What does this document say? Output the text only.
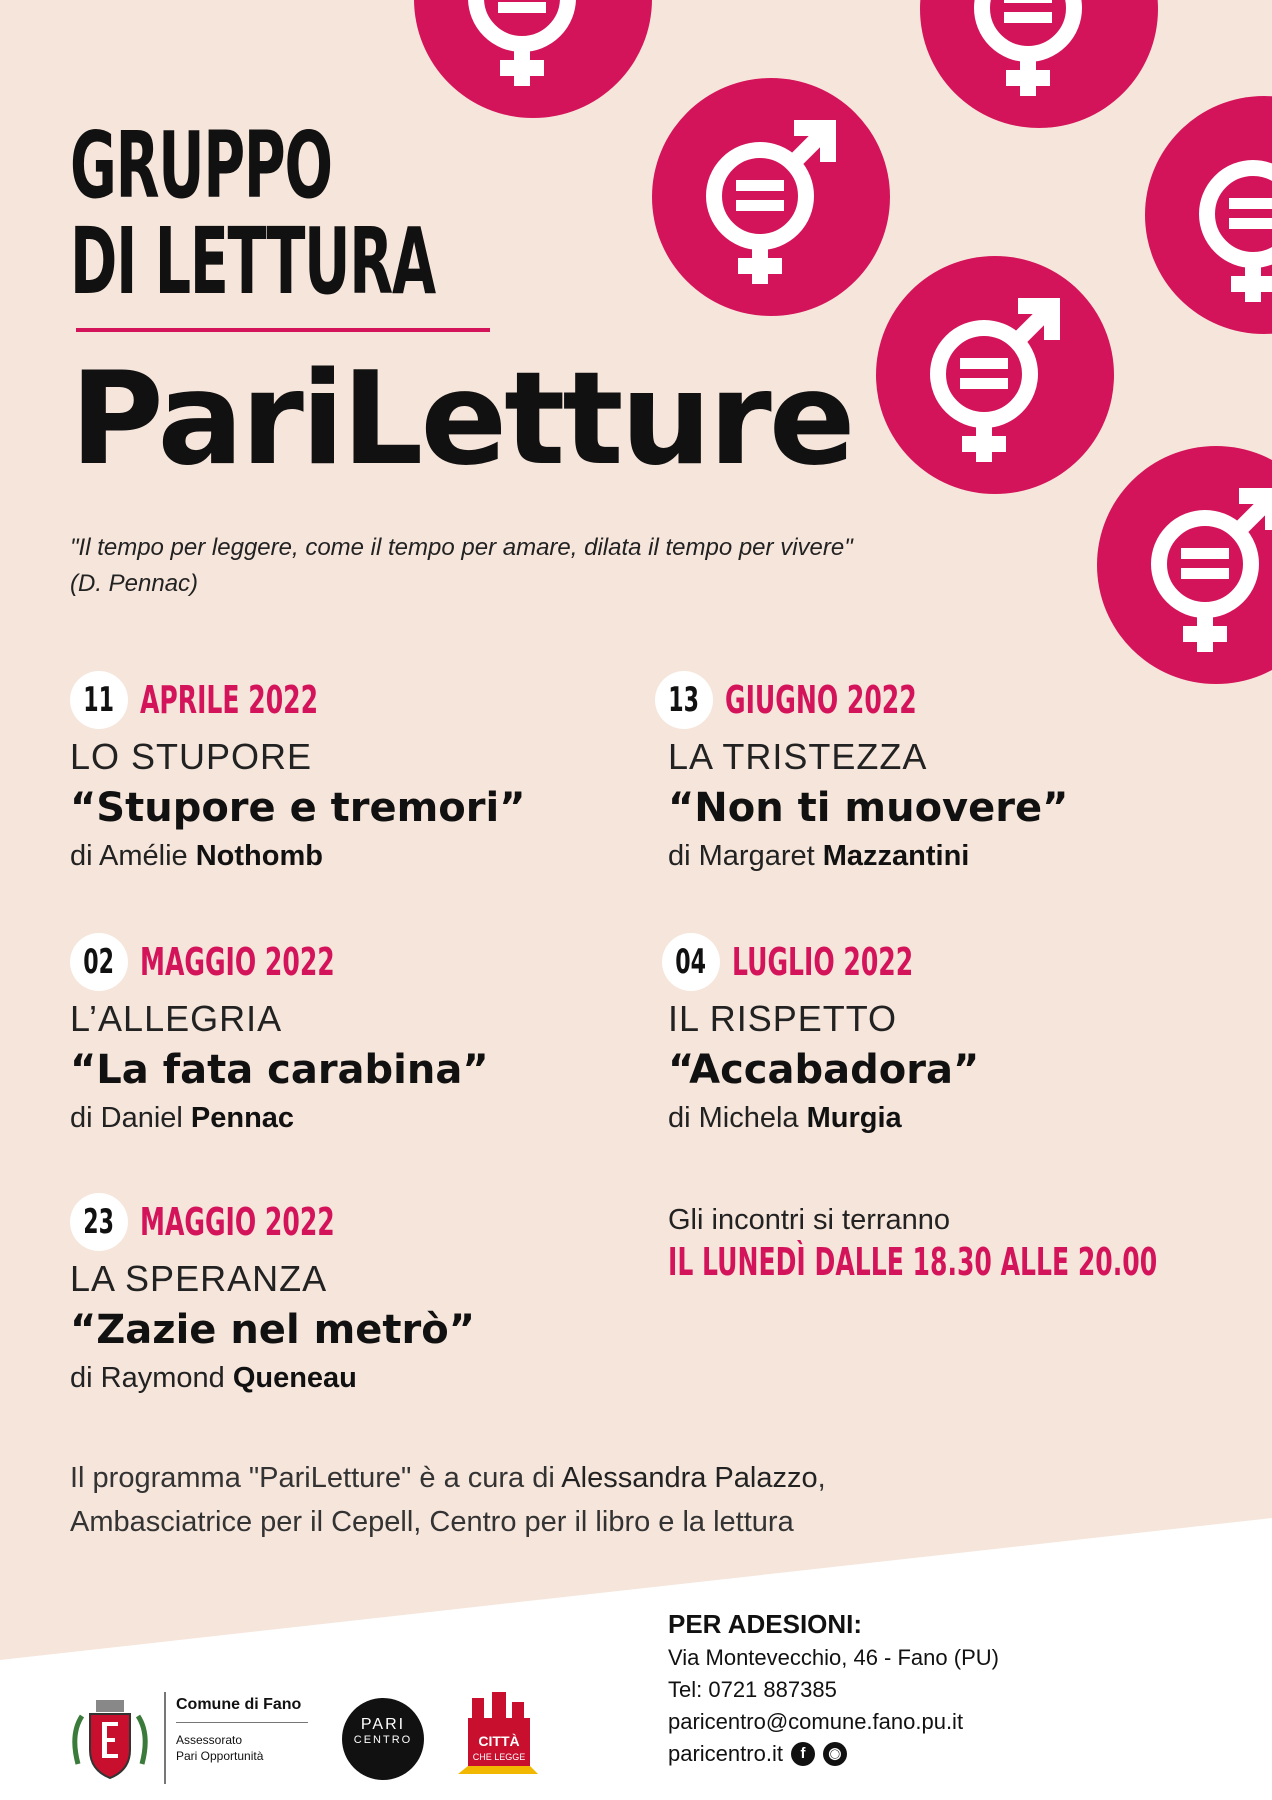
GRUPPO
DI LETTURA
PariLetture
"Il tempo per leggere, come il tempo per amare, dilata il tempo per vivere"
(D. Pennac)
11 APRILE 2022
LO STUPORE
“Stupore e tremori”
di Amélie Nothomb
02 MAGGIO 2022
L’ALLEGRIA
“La fata carabina”
di Daniel Pennac
23 MAGGIO 2022
LA SPERANZA
“Zazie nel metrò”
di Raymond Queneau
13 GIUGNO 2022
LA TRISTEZZA
“Non ti muovere”
di Margaret Mazzantini
04 LUGLIO 2022
IL RISPETTO
“Accabadora”
di Michela Murgia
Gli incontri si terranno
IL LUNEDÌ DALLE 18.30 ALLE 20.00
Il programma "PariLetture" è a cura di Alessandra Palazzo,
Ambasciatrice per il Cepell, Centro per il libro e la lettura
PER ADESIONI:
Via Montevecchio, 46 - Fano (PU)
Tel: 0721 887385
paricentro@comune.fano.pu.it
paricentro.it	f	◉
Comune di Fano
Assessorato
Pari Opportunità
PARI
CENTRO	CITTÀ
CHE LEGGE
